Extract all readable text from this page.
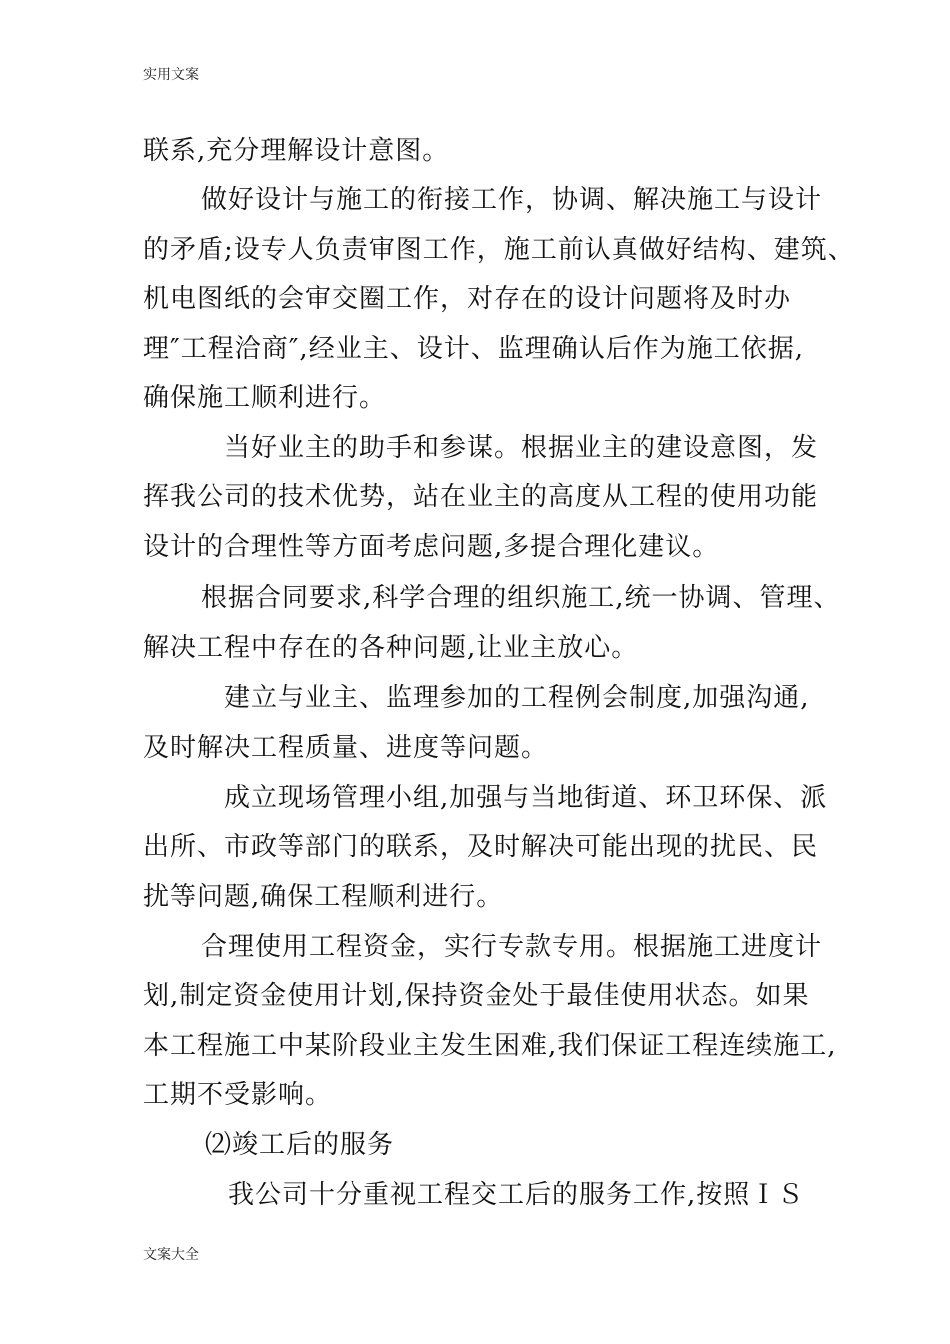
实用文案
联系,充分理解设计意图。
做好设计与施工的衔接工作，协调、解决施工与设计
的矛盾;设专人负责审图工作，施工前认真做好结构、建筑、
机电图纸的会审交圈工作，对存在的设计问题将及时办
理″工程洽商″,经业主、设计、监理确认后作为施工依据,
确保施工顺利进行。
当好业主的助手和参谋。根据业主的建设意图，发
挥我公司的技术优势，站在业主的高度从工程的使用功能
设计的合理性等方面考虑问题,多提合理化建议。
根据合同要求,科学合理的组织施工,统一协调、管理、
解决工程中存在的各种问题,让业主放心。
建立与业主、监理参加的工程例会制度,加强沟通,
及时解决工程质量、进度等问题。
成立现场管理小组,加强与当地街道、环卫环保、派
出所、市政等部门的联系，及时解决可能出现的扰民、民
扰等问题,确保工程顺利进行。
合理使用工程资金，实行专款专用。根据施工进度计
划,制定资金使用计划,保持资金处于最佳使用状态。如果
本工程施工中某阶段业主发生困难,我们保证工程连续施工,
工期不受影响。
⑵竣工后的服务
我公司十分重视工程交工后的服务工作,按照ＩＳ
文案大全
